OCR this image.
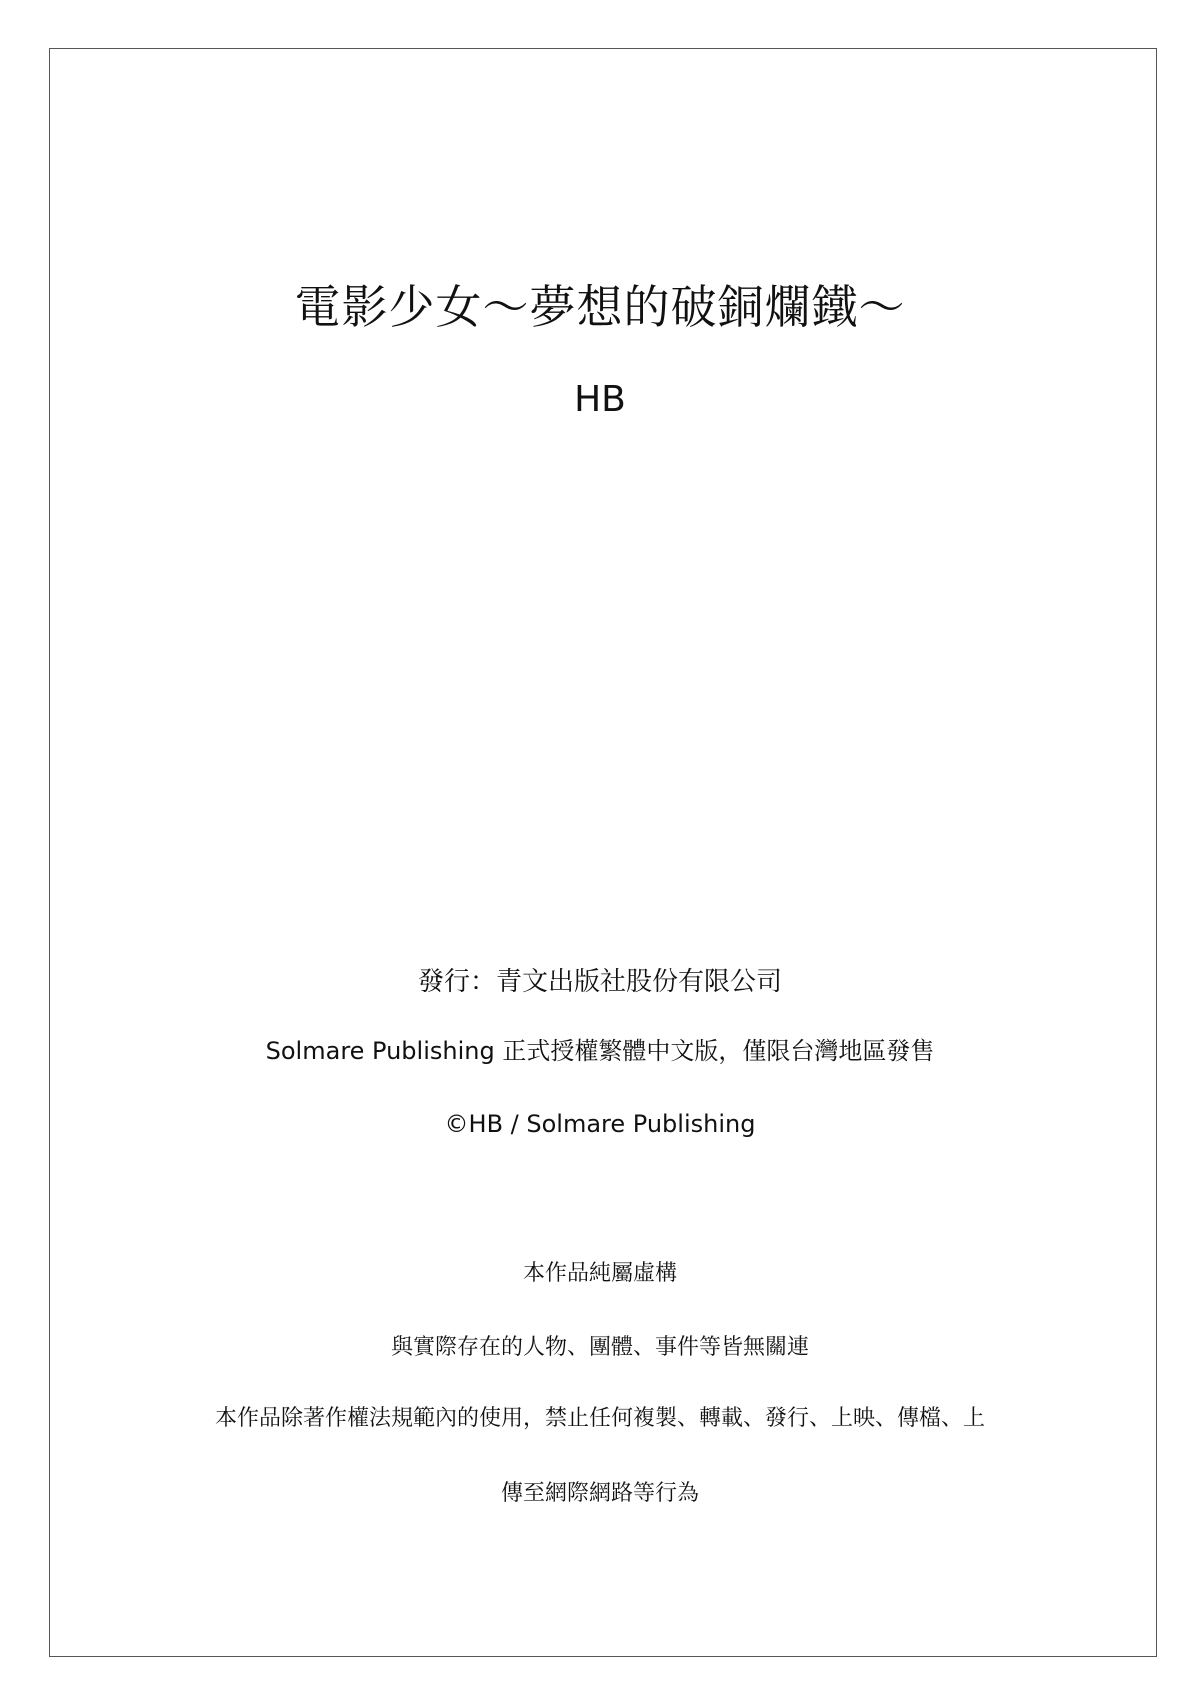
電影少女～夢想的破銅爛鐵～
HB
發行：青文出版社股份有限公司
Solmare Publishing 正式授權繁體中文版，僅限台灣地區發售
©HB / Solmare Publishing
本作品純屬虛構
與實際存在的人物、團體、事件等皆無關連
本作品除著作權法規範內的使用，禁止任何複製、轉載、發行、上映、傳檔、上
傳至網際網路等行為
